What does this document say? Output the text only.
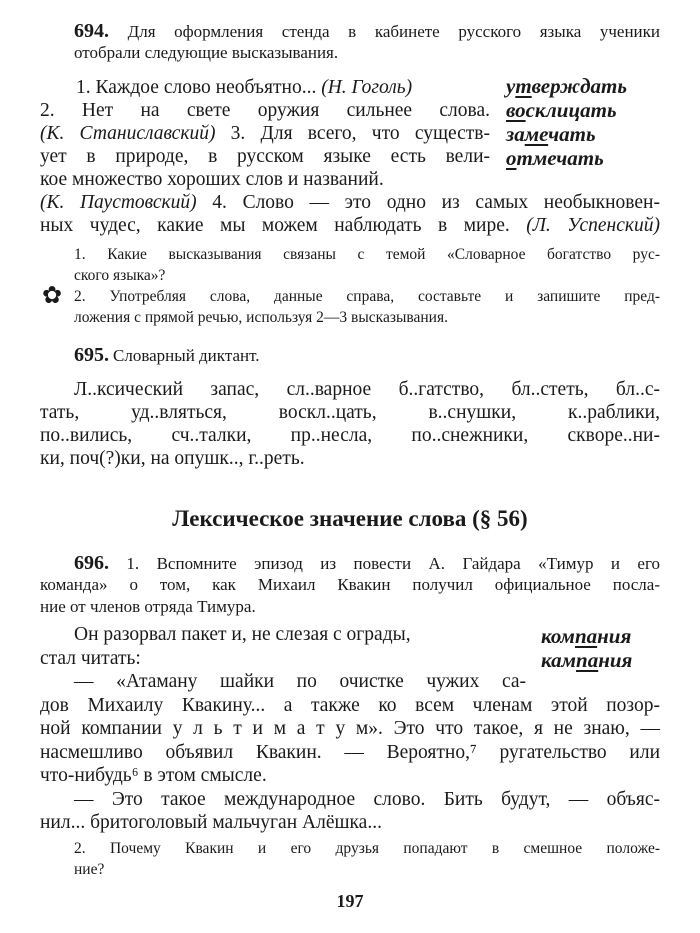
694. Для оформления стенда в кабинете русского языка ученики
отобрали следующие высказывания.
1. Каждое слово необъятно... (Н. Гоголь)
2. Нет на свете оружия сильнее слова.
(К. Станиславский) 3. Для всего, что существ-
ует в природе, в русском языке есть вели-
кое множество хороших слов и названий.
(К. Паустовский) 4. Слово — это одно из самых необыкновен-
ных чудес, какие мы можем наблюдать в мире. (Л. Успенский)
утверждать
восклицать
замечать
отмечать
1. Какие высказывания связаны с темой «Словарное богатство рус-
ского языка»?
2. Употребляя слова, данные справа, составьте и запишите пред-
ложения с прямой речью, используя 2—3 высказывания.
✿
695. Словарный диктант.
Л..ксический запас, сл..варное б..гатство, бл..стеть, бл..с-
тать, уд..вляться, воскл..цать, в..снушки, к..раблики,
по..вились, сч..талки, пр..несла, по..снежники, скворе..ни-
ки, поч(?)ки, на опушк.., г..реть.
Лексическое значение слова (§ 56)
696. 1. Вспомните эпизод из повести А. Гайдара «Тимур и его
команда» о том, как Михаил Квакин получил официальное посла-
ние от членов отряда Тимура.
компания
кампания
Он разорвал пакет и, не слезая с ограды,
стал читать:
— «Атаману шайки по очистке чужих са-
дов Михаилу Квакину... а также ко всем членам этой позор-
ной компании у л ь т и м а т у м». Это что такое, я не знаю, —
насмешливо объявил Квакин. — Вероятно,⁷ ругательство или
что-нибудь⁶ в этом смысле.
— Это такое международное слово. Бить будут, — объяс-
нил... бритоголовый мальчуган Алёшка...
2. Почему Квакин и его друзья попадают в смешное положе-
ние?
197
